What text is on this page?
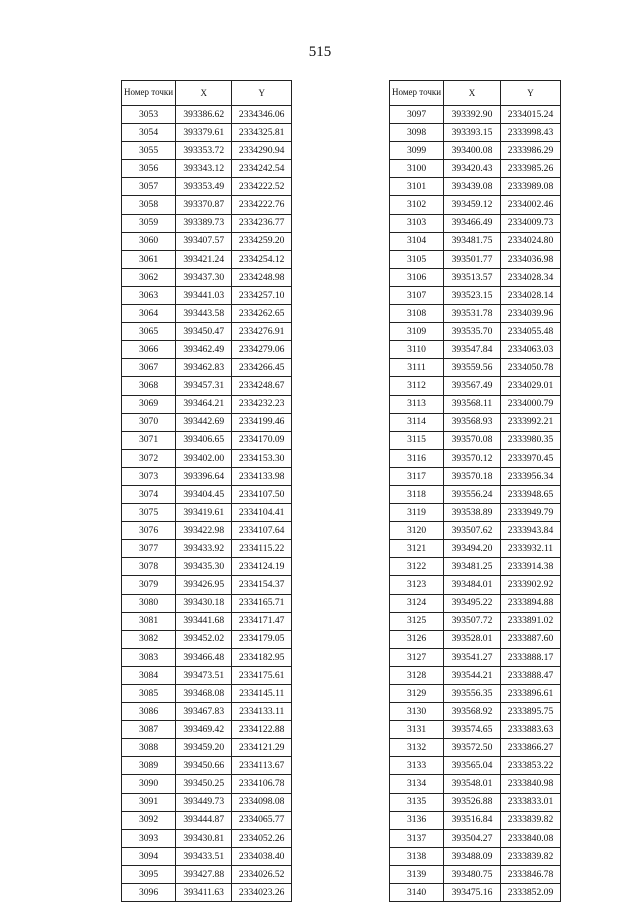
515
Номер точки	X	Y
3053	393386.62	2334346.06
3054	393379.61	2334325.81
3055	393353.72	2334290.94
3056	393343.12	2334242.54
3057	393353.49	2334222.52
3058	393370.87	2334222.76
3059	393389.73	2334236.77
3060	393407.57	2334259.20
3061	393421.24	2334254.12
3062	393437.30	2334248.98
3063	393441.03	2334257.10
3064	393443.58	2334262.65
3065	393450.47	2334276.91
3066	393462.49	2334279.06
3067	393462.83	2334266.45
3068	393457.31	2334248.67
3069	393464.21	2334232.23
3070	393442.69	2334199.46
3071	393406.65	2334170.09
3072	393402.00	2334153.30
3073	393396.64	2334133.98
3074	393404.45	2334107.50
3075	393419.61	2334104.41
3076	393422.98	2334107.64
3077	393433.92	2334115.22
3078	393435.30	2334124.19
3079	393426.95	2334154.37
3080	393430.18	2334165.71
3081	393441.68	2334171.47
3082	393452.02	2334179.05
3083	393466.48	2334182.95
3084	393473.51	2334175.61
3085	393468.08	2334145.11
3086	393467.83	2334133.11
3087	393469.42	2334122.88
3088	393459.20	2334121.29
3089	393450.66	2334113.67
3090	393450.25	2334106.78
3091	393449.73	2334098.08
3092	393444.87	2334065.77
3093	393430.81	2334052.26
3094	393433.51	2334038.40
3095	393427.88	2334026.52
3096	393411.63	2334023.26
Номер точки	X	Y
3097	393392.90	2334015.24
3098	393393.15	2333998.43
3099	393400.08	2333986.29
3100	393420.43	2333985.26
3101	393439.08	2333989.08
3102	393459.12	2334002.46
3103	393466.49	2334009.73
3104	393481.75	2334024.80
3105	393501.77	2334036.98
3106	393513.57	2334028.34
3107	393523.15	2334028.14
3108	393531.78	2334039.96
3109	393535.70	2334055.48
3110	393547.84	2334063.03
3111	393559.56	2334050.78
3112	393567.49	2334029.01
3113	393568.11	2334000.79
3114	393568.93	2333992.21
3115	393570.08	2333980.35
3116	393570.12	2333970.45
3117	393570.18	2333956.34
3118	393556.24	2333948.65
3119	393538.89	2333949.79
3120	393507.62	2333943.84
3121	393494.20	2333932.11
3122	393481.25	2333914.38
3123	393484.01	2333902.92
3124	393495.22	2333894.88
3125	393507.72	2333891.02
3126	393528.01	2333887.60
3127	393541.27	2333888.17
3128	393544.21	2333888.47
3129	393556.35	2333896.61
3130	393568.92	2333895.75
3131	393574.65	2333883.63
3132	393572.50	2333866.27
3133	393565.04	2333853.22
3134	393548.01	2333840.98
3135	393526.88	2333833.01
3136	393516.84	2333839.82
3137	393504.27	2333840.08
3138	393488.09	2333839.82
3139	393480.75	2333846.78
3140	393475.16	2333852.09
